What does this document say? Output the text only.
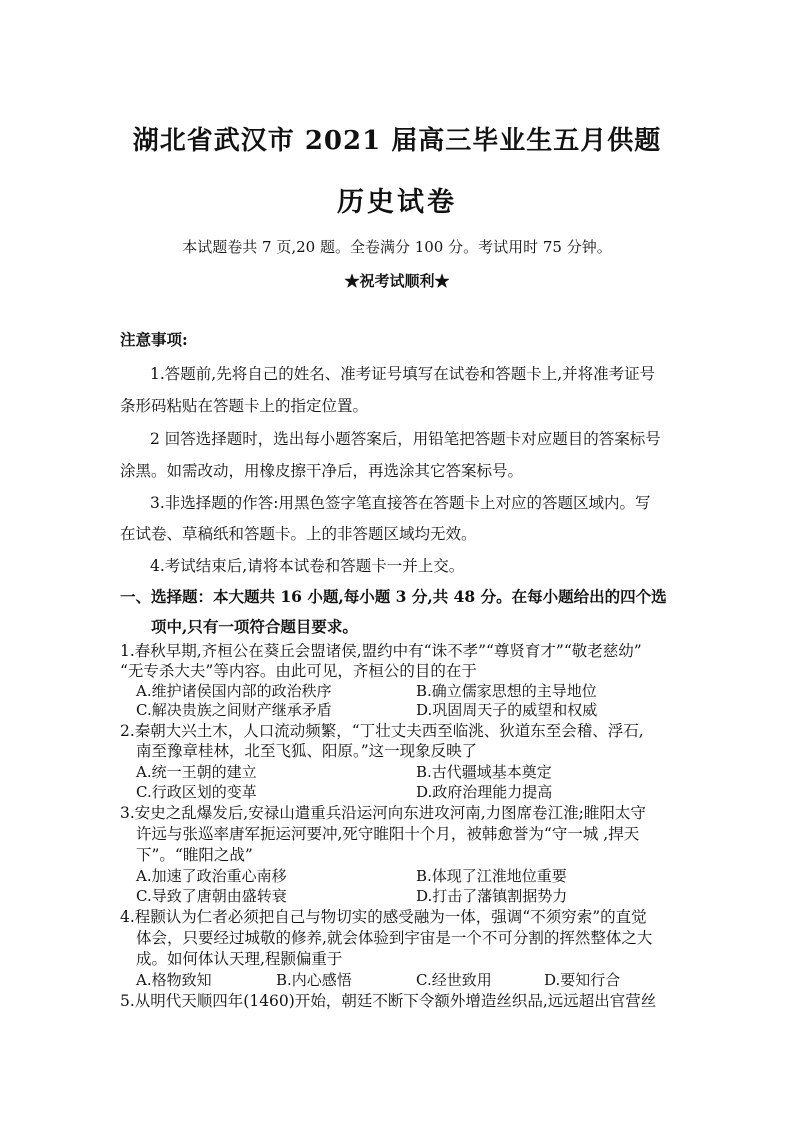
湖北省武汉市 2021 届高三毕业生五月供题
历史试卷
本试题卷共 7 页,20 题。全卷满分 100 分。考试用时 75 分钟。
★祝考试顺利★
注意事项:
1.答题前,先将自己的姓名、准考证号填写在试卷和答题卡上,并将准考证号
条形码粘贴在答题卡上的指定位置。
2 回答选择题时，选出每小题答案后，用铅笔把答题卡对应题目的答案标号
涂黑。如需改动，用橡皮擦干净后，再选涂其它答案标号。
3.非选择题的作答:用黑色签字笔直接答在答题卡上对应的答题区域内。写
在试卷、草稿纸和答题卡。上的非答题区域均无效。
4.考试结束后,请将本试卷和答题卡一并上交。
一、选择题：本大题共 16 小题,每小题 3 分,共 48 分。在每小题给出的四个选
项中,只有一项符合题目要求。
1.春秋早期,齐桓公在葵丘会盟诸侯,盟约中有“诛不孝”“尊贤育才”“敬老慈幼”
“无专杀大夫”等内容。由此可见，齐桓公的目的在于
A.维护诸侯国内部的政治秩序	B.确立儒家思想的主导地位
C.解决贵族之间财产继承矛盾	D.巩固周天子的威望和权威
2.秦朝大兴土木，人口流动频繁，“丁壮丈夫西至临洮、狄道东至会稽、浮石,
南至豫章桂林，北至飞狐、阳原。”这一现象反映了
A.统一王朝的建立	B.古代疆域基本奠定
C.行政区划的变革	D.政府治理能力提高
3.安史之乱爆发后,安禄山遣重兵沿运河向东进攻河南,力图席卷江淮;睢阳太守
许远与张巡率唐军扼运河要冲,死守睢阳十个月，被韩愈誉为“守一城 ,捍天
下”。“睢阳之战”
A.加速了政治重心南移	B.体现了江淮地位重要
C.导致了唐朝由盛转衰	D.打击了藩镇割据势力
4.程颢认为仁者必须把自己与物切实的感受融为一体，强调“不须穷索”的直觉
体会，只要经过城敬的修养,就会体验到宇宙是一个不可分割的挥然整体之大
成。如何体认天理,程颢偏重于
A.格物致知	B.内心感悟	C.经世致用	D.要知行合
5.从明代天顺四年(1460)开始，朝廷不断下令额外增造丝织品,远远超出官营丝
